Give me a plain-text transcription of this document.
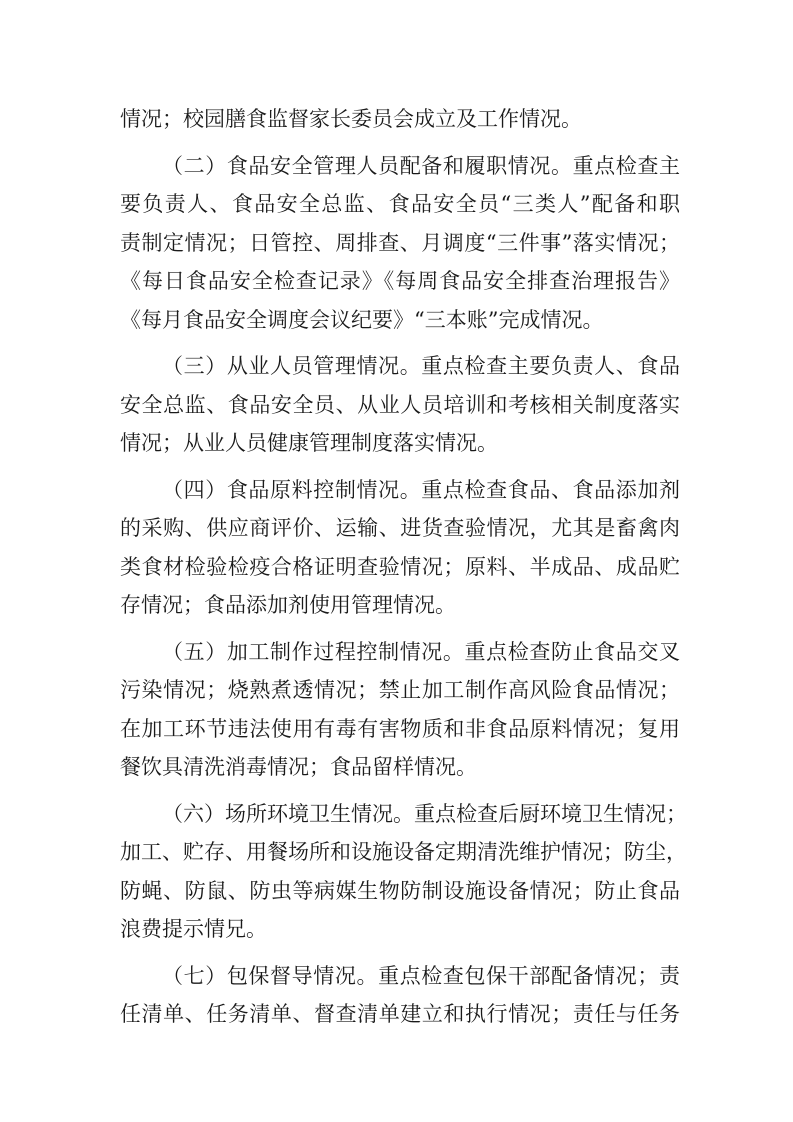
情况；校园膳食监督家长委员会成立及工作情况。
（二）食品安全管理人员配备和履职情况。重点检查主
要负责人、食品安全总监、食品安全员“三类人”配备和职
责制定情况；日管控、周排查、月调度“三件事”落实情况；
《每日食品安全检查记录》《每周食品安全排查治理报告》
《每月食品安全调度会议纪要》“三本账”完成情况。
（三）从业人员管理情况。重点检查主要负责人、食品
安全总监、食品安全员、从业人员培训和考核相关制度落实
情况；从业人员健康管理制度落实情况。
（四）食品原料控制情况。重点检查食品、食品添加剂
的采购、供应商评价、运输、进货查验情况，尤其是畜禽肉
类食材检验检疫合格证明查验情况；原料、半成品、成品贮
存情况；食品添加剂使用管理情况。
（五）加工制作过程控制情况。重点检查防止食品交叉
污染情况；烧熟煮透情况；禁止加工制作高风险食品情况；
在加工环节违法使用有毒有害物质和非食品原料情况；复用
餐饮具清洗消毒情况；食品留样情况。
（六）场所环境卫生情况。重点检查后厨环境卫生情况；
加工、贮存、用餐场所和设施设备定期清洗维护情况；防尘，
防蝇、防鼠、防虫等病媒生物防制设施设备情况；防止食品
浪费提示情兄。
（七）包保督导情况。重点检查包保干部配备情况；责
任清单、任务清单、督查清单建立和执行情况；责任与任务
